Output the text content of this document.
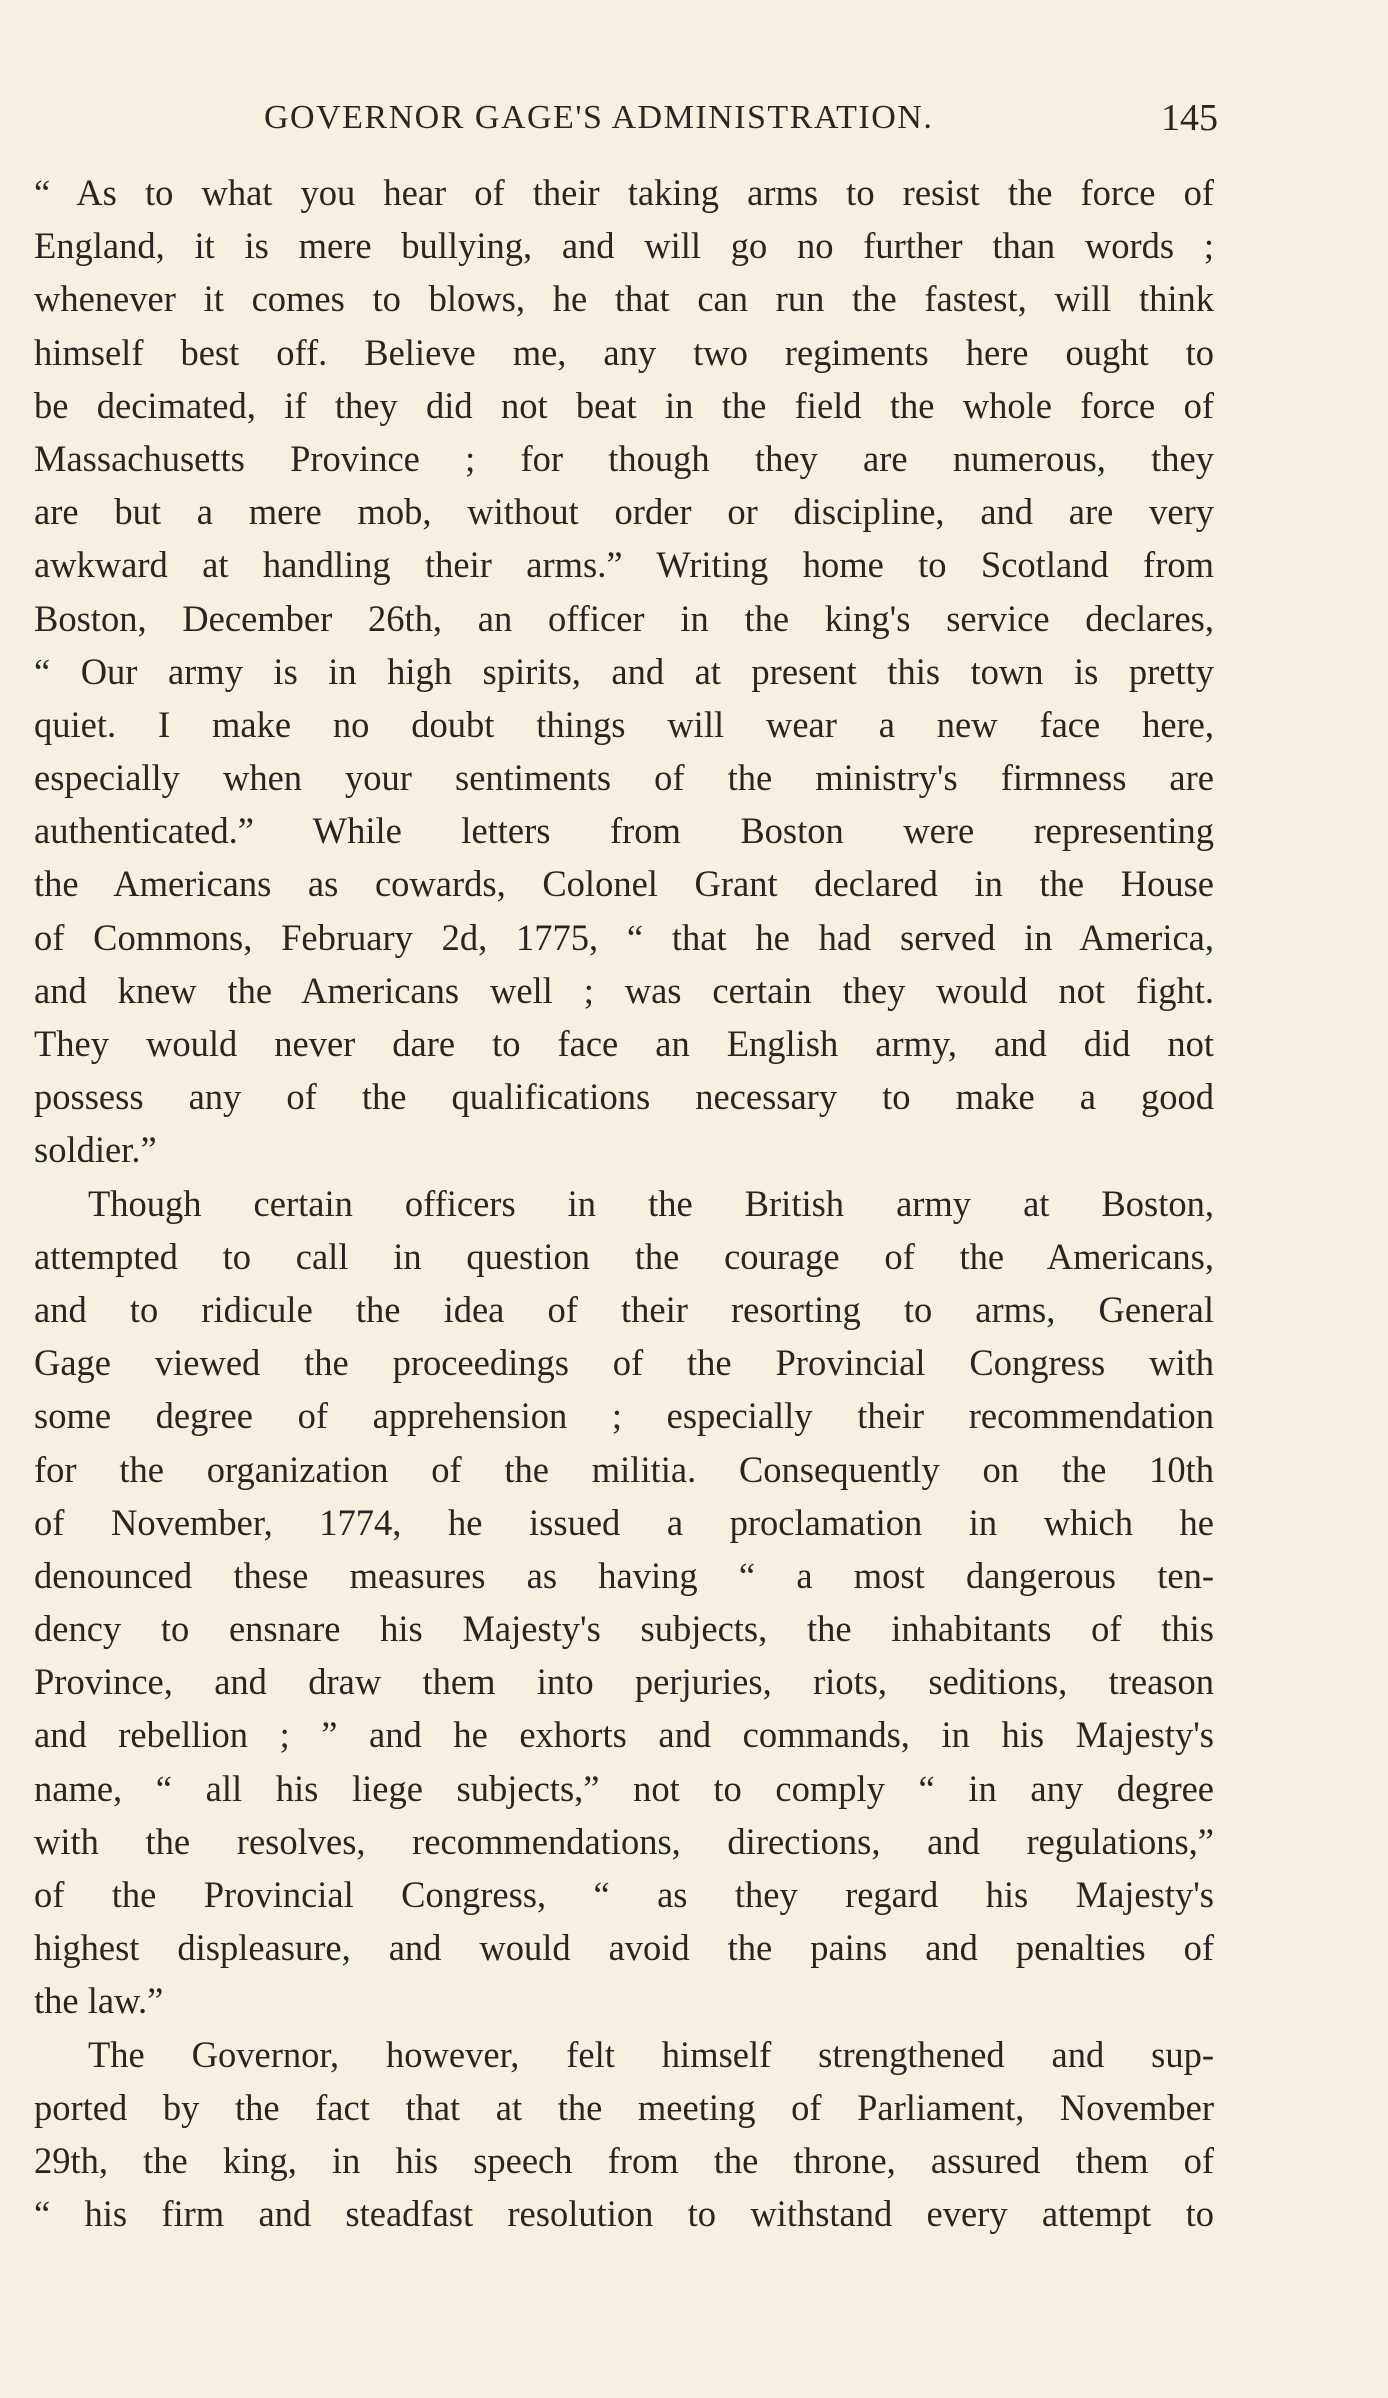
GOVERNOR GAGE'S ADMINISTRATION.	145
“ As to what you hear of their taking arms to resist the force of
England, it is mere bullying, and will go no further than words ;
whenever it comes to blows, he that can run the fastest, will think
himself best off. Believe me, any two regiments here ought to
be decimated, if they did not beat in the field the whole force of
Massachusetts Province ; for though they are numerous, they
are but a mere mob, without order or discipline, and are very
awkward at handling their arms.” Writing home to Scotland from
Boston, December 26th, an officer in the king's service declares,
“ Our army is in high spirits, and at present this town is pretty
quiet. I make no doubt things will wear a new face here,
especially when your sentiments of the ministry's firmness are
authenticated.” While letters from Boston were representing
the Americans as cowards, Colonel Grant declared in the House
of Commons, February 2d, 1775, “ that he had served in America,
and knew the Americans well ; was certain they would not fight.
They would never dare to face an English army, and did not
possess any of the qualifications necessary to make a good
soldier.”
Though certain officers in the British army at Boston,
attempted to call in question the courage of the Americans,
and to ridicule the idea of their resorting to arms, General
Gage viewed the proceedings of the Provincial Congress with
some degree of apprehension ; especially their recommendation
for the organization of the militia. Consequently on the 10th
of November, 1774, he issued a proclamation in which he
denounced these measures as having “ a most dangerous ten-
dency to ensnare his Majesty's subjects, the inhabitants of this
Province, and draw them into perjuries, riots, seditions, treason
and rebellion ; ” and he exhorts and commands, in his Majesty's
name, “ all his liege subjects,” not to comply “ in any degree
with the resolves, recommendations, directions, and regulations,”
of the Provincial Congress, “ as they regard his Majesty's
highest displeasure, and would avoid the pains and penalties of
the law.”
The Governor, however, felt himself strengthened and sup-
ported by the fact that at the meeting of Parliament, November
29th, the king, in his speech from the throne, assured them of
“ his firm and steadfast resolution to withstand every attempt to
